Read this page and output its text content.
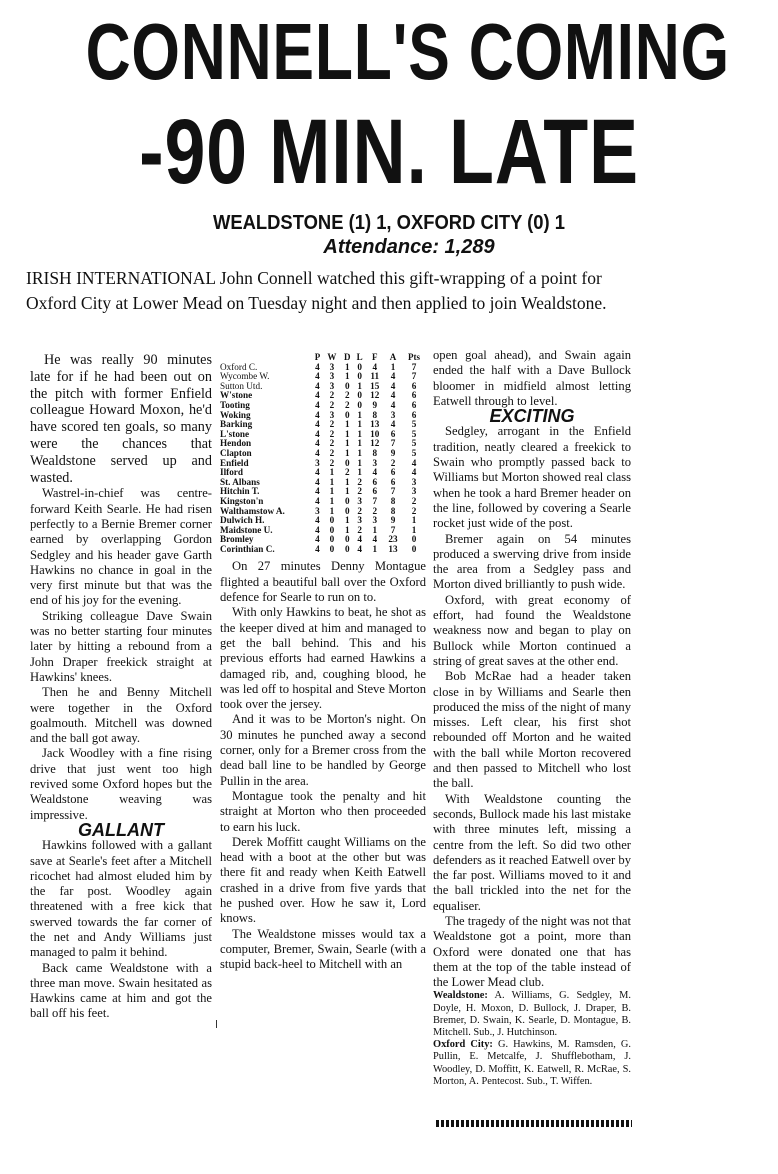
CONNELL'S COMING
-90 MIN. LATE
WEALDSTONE (1) 1, OXFORD CITY (0) 1
Attendance: 1,289
IRISH INTERNATIONAL John Connell watched this gift-wrapping of a point for Oxford City at Lower Mead on Tuesday night and then applied to join Wealdstone.

He was really 90 minutes late for if he had been out on the pitch with former Enfield colleague Howard Moxon, he'd have scored ten goals, so many were the chances that Wealdstone served up and wasted.

Wastrel-in-chief was centre-forward Keith Searle. He had risen perfectly to a Bernie Bremer corner earned by overlapping Gordon Sedgley and his header gave Garth Hawkins no chance in goal in the very first minute but that was the end of his joy for the evening.

Striking colleague Dave Swain was no better starting four minutes later by hitting a rebound from a John Draper freekick straight at Hawkins' knees.

Then he and Benny Mitchell were together in the Oxford goalmouth. Mitchell was downed and the ball got away.

Jack Woodley with a fine rising drive that just went too high revived some Oxford hopes but the Wealdstone weaving was impressive.

GALLANT

Hawkins followed with a gallant save at Searle's feet after a Mitchell ricochet had almost eluded him by the far post. Woodley again threatened with a free kick that swerved towards the far corner of the net and Andy Williams just managed to palm it behind.

Back came Wealdstone with a three man move. Swain hesitated as Hawkins came at him and got the ball off his feet.

	P	W	D	L	F	A	Pts
Oxford C.	4	3	1	0	4	1	7
Wycombe W.	4	3	1	0	11	4	7
Sutton Utd.	4	3	0	1	15	4	6
W'stone	4	2	2	0	12	4	6
Tooting	4	2	2	0	9	4	6
Woking	4	3	0	1	8	3	6
Barking	4	2	1	1	13	4	5
L'stone	4	2	1	1	10	6	5
Hendon	4	2	1	1	12	7	5
Clapton	4	2	1	1	8	9	5
Enfield	3	2	0	1	3	2	4
Ilford	4	1	2	1	4	6	4
St. Albans	4	1	1	2	6	6	3
Hitchin T.	4	1	1	2	6	7	3
Kingston'n	4	1	0	3	7	8	2
Walthamstow A.	3	1	0	2	2	8	2
Dulwich H.	4	0	1	3	3	9	1
Maidstone U.	4	0	1	2	1	7	1
Bromley	4	0	0	4	4	23	0
Corinthian C.	4	0	0	4	1	13	0

On 27 minutes Denny Montague flighted a beautiful ball over the Oxford defence for Searle to run on to.

With only Hawkins to beat, he shot as the keeper dived at him and managed to get the ball behind. This and his previous efforts had earned Hawkins a damaged rib, and, coughing blood, he was led off to hospital and Steve Morton took over the jersey.

And it was to be Morton's night. On 30 minutes he punched away a second corner, only for a Bremer cross from the dead ball line to be handled by George Pullin in the area.

Montague took the penalty and hit straight at Morton who then proceeded to earn his luck.

Derek Moffitt caught Williams on the head with a boot at the other but was there fit and ready when Keith Eatwell crashed in a drive from five yards that he pushed over. How he saw it, Lord knows.

The Wealdstone misses would tax a computer, Bremer, Swain, Searle (with a stupid back-heel to Mitchell with an

open goal ahead), and Swain again ended the half with a Dave Bullock bloomer in midfield almost letting Eatwell through to level.

EXCITING

Sedgley, arrogant in the Enfield tradition, neatly cleared a freekick to Swain who promptly passed back to Williams but Morton showed real class when he took a hard Bremer header on the line, followed by covering a Searle rocket just wide of the post.

Bremer again on 54 minutes produced a swerving drive from inside the area from a Sedgley pass and Morton dived brilliantly to push wide.

Oxford, with great economy of effort, had found the Wealdstone weakness now and began to play on Bullock while Morton continued a string of great saves at the other end.

Bob McRae had a header taken close in by Williams and Searle then produced the miss of the night of many misses. Left clear, his first shot rebounded off Morton and he waited with the ball while Morton recovered and then passed to Mitchell who lost the ball.

With Wealdstone counting the seconds, Bullock made his last mistake with three minutes left, missing a centre from the left. So did two other defenders as it reached Eatwell over by the far post. Williams moved to it and the ball trickled into the net for the equaliser.

The tragedy of the night was not that Wealdstone got a point, more than Oxford were donated one that has them at the top of the table instead of the Lower Mead club.

Wealdstone: A. Williams, G. Sedgley, M. Doyle, H. Moxon, D. Bullock, J. Draper, B. Bremer, D. Swain, K. Searle, D. Montague, B. Mitchell. Sub., J. Hutchinson.

Oxford City: G. Hawkins, M. Ramsden, G. Pullin, E. Metcalfe, J. Shufflebotham, J. Woodley, D. Moffitt, K. Eatwell, R. McRae, S. Morton, A. Pentecost. Sub., T. Wiffen.
